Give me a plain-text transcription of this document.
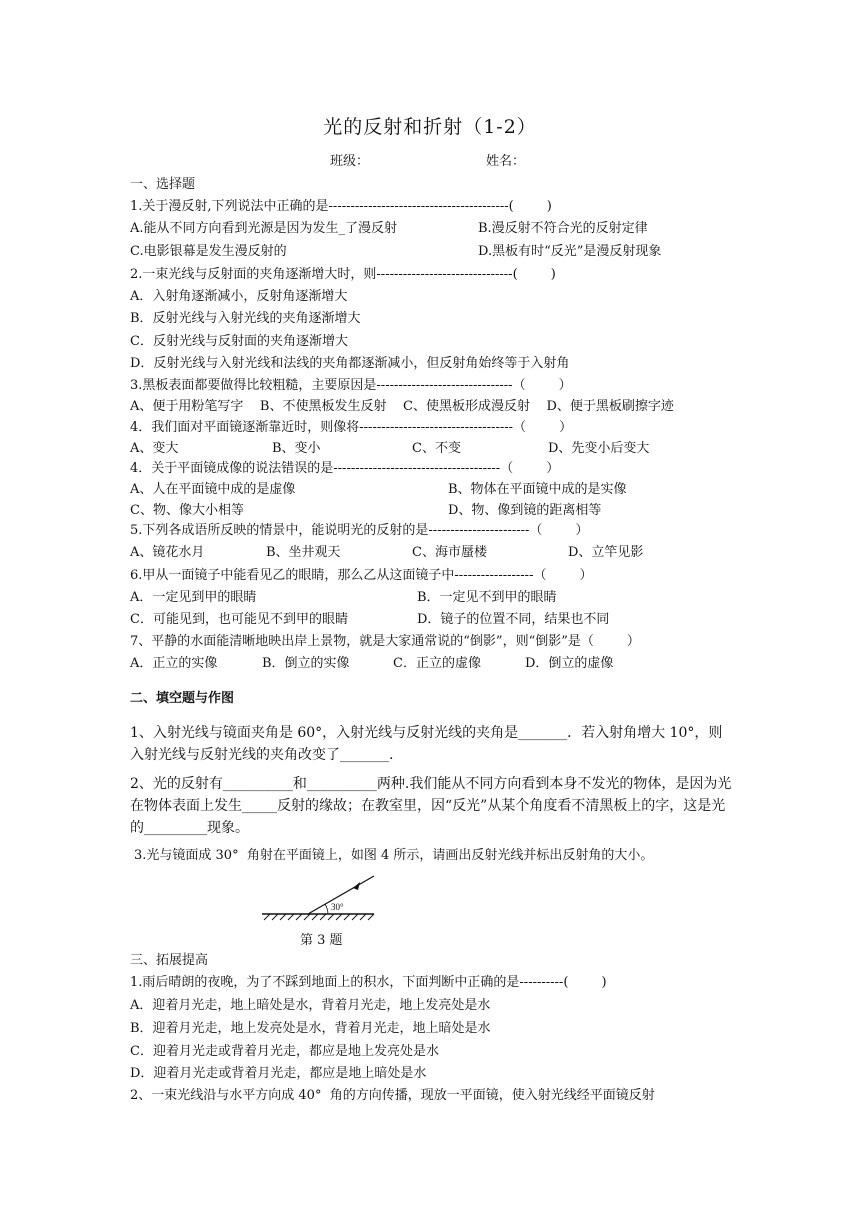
光的反射和折射（1-2）
班级：	姓名：
一、选择题
1.关于漫反射,下列说法中正确的是-----------------------------------------(        )
A.能从不同方向看到光源是因为发生_了漫反射	B.漫反射不符合光的反射定律
C.电影银幕是发生漫反射的	D.黑板有时“反光”是漫反射现象
2.一束光线与反射面的夹角逐渐增大时，则-------------------------------(        )
A．入射角逐渐减小，反射角逐渐增大
B．反射光线与入射光线的夹角逐渐增大
C．反射光线与反射面的夹角逐渐增大
D．反射光线与入射光线和法线的夹角都逐渐减小，但反射角始终等于入射角
3.黑板表面都要做得比较粗糙，主要原因是-------------------------------（        ）
A、便于用粉笔写字    B、不使黑板发生反射    C、使黑板形成漫反射    D、便于黑板刷擦字迹
4．我们面对平面镜逐渐靠近时，则像将-----------------------------------（        ）
A、变大	B、变小	C、不变	D、先变小后变大
4．关于平面镜成像的说法错误的是--------------------------------------（        ）
A、人在平面镜中成的是虚像	B、物体在平面镜中成的是实像
C、物、像大小相等	D、物、像到镜的距离相等
5.下列各成语所反映的情景中，能说明光的反射的是-----------------------（        ）
A、镜花水月	B、坐井观天	C、海市蜃楼	D、立竿见影
6.甲从一面镜子中能看见乙的眼睛，那么乙从这面镜子中------------------（        ）
A．一定见到甲的眼睛	B．一定见不到甲的眼睛
C．可能见到，也可能见不到甲的眼睛	D．镜子的位置不同，结果也不同
7、平静的水面能清晰地映出岸上景物，就是大家通常说的“倒影”，则“倒影”是（        ）
A．正立的实像	B．倒立的实像	C．正立的虚像	D．倒立的虚像
二、填空题与作图
1、入射光线与镜面夹角是 60°，入射光线与反射光线的夹角是_______．若入射角增大 10°，则入射光线与反射光线的夹角改变了_______.
2、光的反射有__________和__________两种.我们能从不同方向看到本身不发光的物体，是因为光在物体表面上发生_____反射的缘故；在教室里，因“反光”从某个角度看不清黑板上的字，这是光的_________现象。
3.光与镜面成 30°  角射在平面镜上，如图 4 所示，请画出反射光线并标出反射角的大小。
30°
第 3 题
三、拓展提高
1.雨后晴朗的夜晚，为了不踩到地面上的积水，下面判断中正确的是----------(        )
A．迎着月光走，地上暗处是水，背着月光走，地上发亮处是水
B．迎着月光走，地上发亮处是水，背着月光走，地上暗处是水
C．迎着月光走或背着月光走，都应是地上发亮处是水
D．迎着月光走或背着月光走，都应是地上暗处是水
2、一束光线沿与水平方向成 40°  角的方向传播，现放一平面镜，使入射光线经平面镜反射
